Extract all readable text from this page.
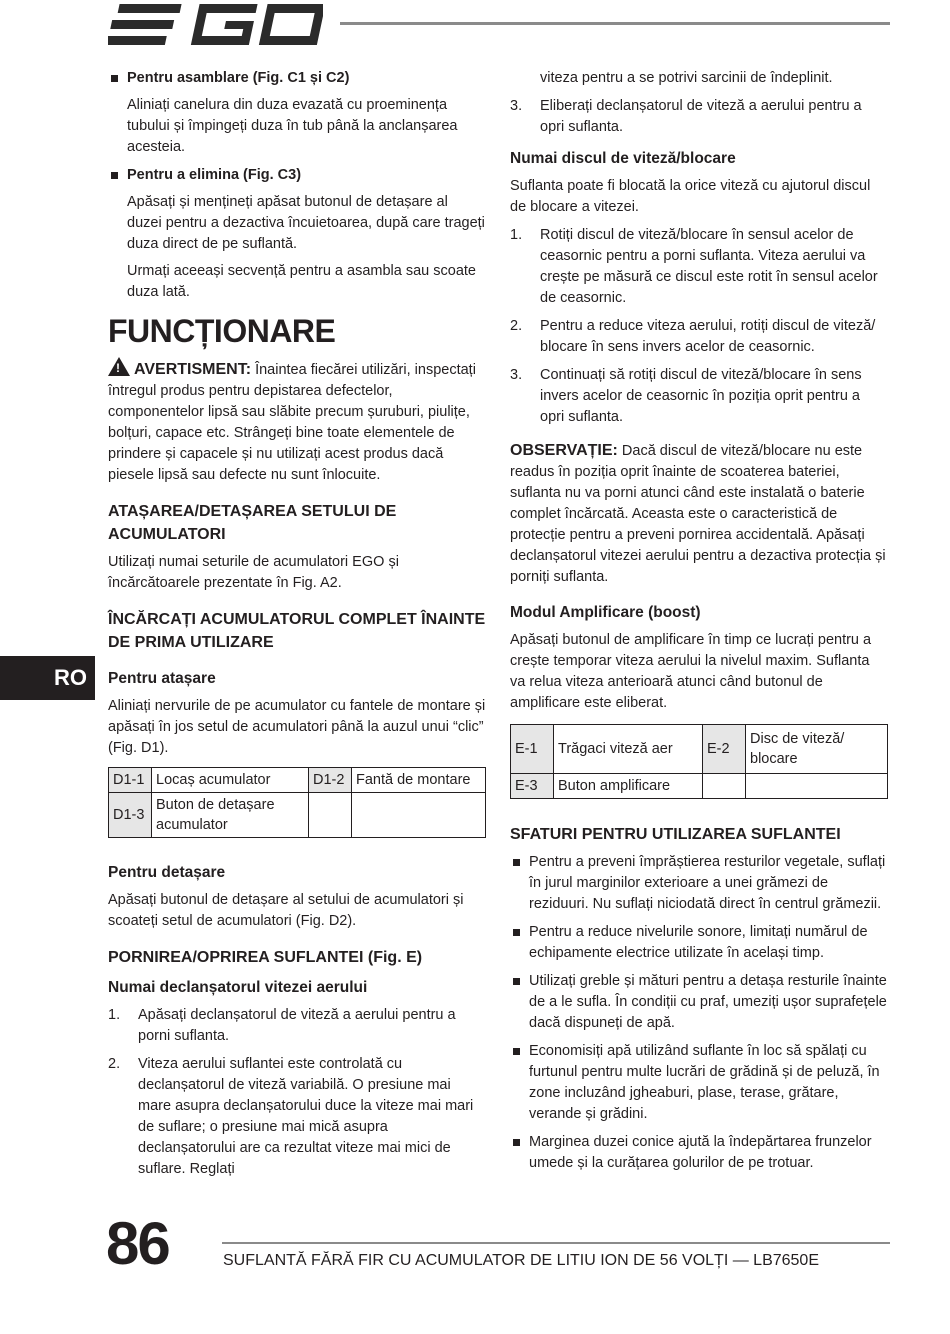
RO
Pentru asamblare (Fig. C1 și C2)

Aliniați canelura din duza evazată cu proeminența tubului și împingeți duza în tub până la anclanșarea acesteia.

Pentru a elimina (Fig. C3)

Apăsați și mențineți apăsat butonul de detașare al duzei pentru a dezactiva încuietoarea, după care trageți duza direct de pe suflantă.

Urmați aceeași secvență pentru a asambla sau scoate duza lată.

FUNCȚIONARE

! AVERTISMENT: Înaintea fiecărei utilizări, inspectați întregul produs pentru depistarea defectelor, componentelor lipsă sau slăbite precum șuruburi, piulițe, bolțuri, capace etc. Strângeți bine toate elementele de prindere și capacele și nu utilizați acest produs dacă piesele lipsă sau defecte nu sunt înlocuite.

ATAȘAREA/DETAȘAREA SETULUI DE ACUMULATORI

Utilizați numai seturile de acumulatori EGO și încărcătoarele prezentate în Fig. A2.

ÎNCĂRCAȚI ACUMULATORUL COMPLET ÎNAINTE DE PRIMA UTILIZARE
Pentru atașare

Aliniați nervurile de pe acumulator cu fantele de montare și apăsați în jos setul de acumulatori până la auzul unui “clic” (Fig. D1).

D1-1	Locaș acumulator	D1-2	Fantă de montare
D1-3	Buton de detașare acumulator		
Pentru detașare

Apăsați butonul de detașare al setului de acumulatori și scoateți setul de acumulatori (Fig. D2).

PORNIREA/OPRIREA SUFLANTEI (Fig. E)
Numai declanșatorul vitezei aerului
1. Apăsați declanșatorul de viteză a aerului pentru a porni suflanta.
2. Viteza aerului suflantei este controlată cu declanșatorul de viteză variabilă. O presiune mai mare asupra declanșatorului duce la viteze mai mari de suflare; o presiune mai mică asupra declanșatorului are ca rezultat viteze mai mici de suflare. Reglați

viteza pentru a se potrivi sarcinii de îndeplinit.

3. Eliberați declanșatorul de viteză a aerului pentru a opri suflanta.
Numai discul de viteză/blocare

Suflanta poate fi blocată la orice viteză cu ajutorul discul de blocare a vitezei.

1. Rotiți discul de viteză/blocare în sensul acelor de ceasornic pentru a porni suflanta. Viteza aerului va crește pe măsură ce discul este rotit în sensul acelor de ceasornic.
2. Pentru a reduce viteza aerului, rotiți discul de viteză/ blocare în sens invers acelor de ceasornic.
3. Continuați să rotiți discul de viteză/blocare în sens invers acelor de ceasornic în poziția oprit pentru a opri suflanta.

OBSERVAȚIE: Dacă discul de viteză/blocare nu este readus în poziția oprit înainte de scoaterea bateriei, suflanta nu va porni atunci când este instalată o baterie complet încărcată. Aceasta este o caracteristică de protecție pentru a preveni pornirea accidentală. Apăsați declanșatorul vitezei aerului pentru a dezactiva protecția și porniți suflanta.

Modul Amplificare (boost)

Apăsați butonul de amplificare în timp ce lucrați pentru a crește temporar viteza aerului la nivelul maxim. Suflanta va relua viteza anterioară atunci când butonul de amplificare este eliberat.

E-1	Trăgaci viteză aer	E-2	Disc de viteză/ blocare
E-3	Buton amplificare		
SFATURI PENTRU UTILIZAREA SUFLANTEI
Pentru a preveni împrăștierea resturilor vegetale, suflați în jurul marginilor exterioare a unei grămezi de reziduuri. Nu suflați niciodată direct în centrul grămezii.
Pentru a reduce nivelurile sonore, limitați numărul de echipamente electrice utilizate în același timp.
Utilizați greble și mături pentru a detașa resturile înainte de a le sufla. În condiții cu praf, umeziți ușor suprafețele dacă dispuneți de apă.
Economisiți apă utilizând suflante în loc să spălați cu furtunul pentru multe lucrări de grădină și de peluză, în zone incluzând jgheaburi, plase, terase, grătare, verande și grădini.
Marginea duzei conice ajută la îndepărtarea frunzelor umede și la curățarea golurilor de pe trotuar.
86	SUFLANTĂ FĂRĂ FIR CU ACUMULATOR DE LITIU ION DE 56 VOLȚI — LB7650E
